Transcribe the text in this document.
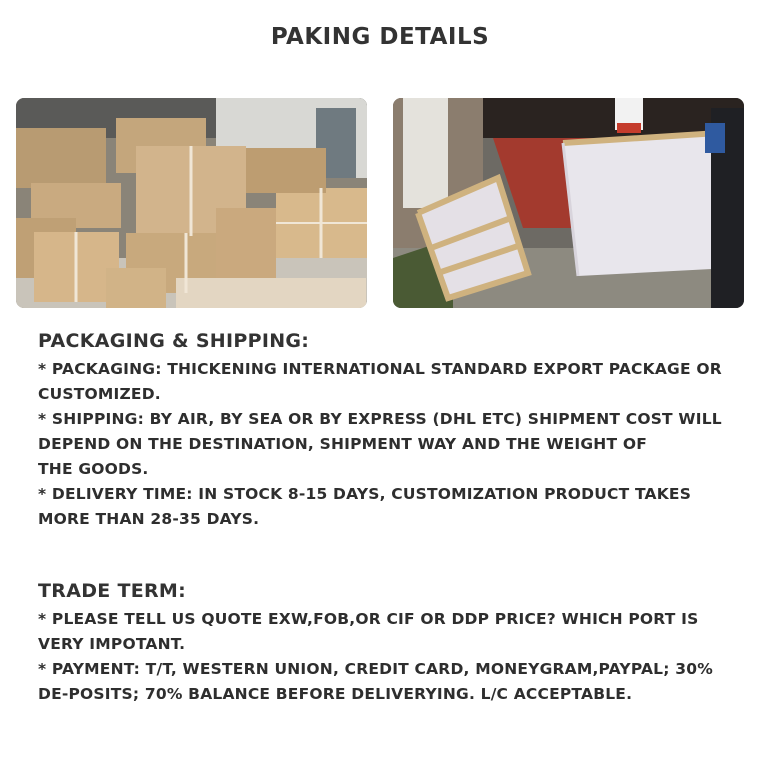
PAKING DETAILS
PACKAGING & SHIPPING:

* PACKAGING: THICKENING INTERNATIONAL STANDARD EXPORT PACKAGE OR CUSTOMIZED.

* SHIPPING: BY AIR, BY SEA OR BY EXPRESS (DHL ETC) SHIPMENT COST WILL DEPEND ON THE DESTINATION, SHIPMENT WAY AND THE WEIGHT OF

THE GOODS.

* DELIVERY TIME: IN STOCK 8-15 DAYS, CUSTOMIZATION PRODUCT TAKES MORE THAN 28-35 DAYS.

TRADE TERM:

* PLEASE TELL US QUOTE EXW,FOB,OR CIF OR DDP PRICE? WHICH PORT IS VERY IMPOTANT.

* PAYMENT: T/T, WESTERN UNION, CREDIT CARD, MONEYGRAM,PAYPAL; 30% DE-POSITS; 70% BALANCE BEFORE DELIVERYING. L/C ACCEPTABLE.
